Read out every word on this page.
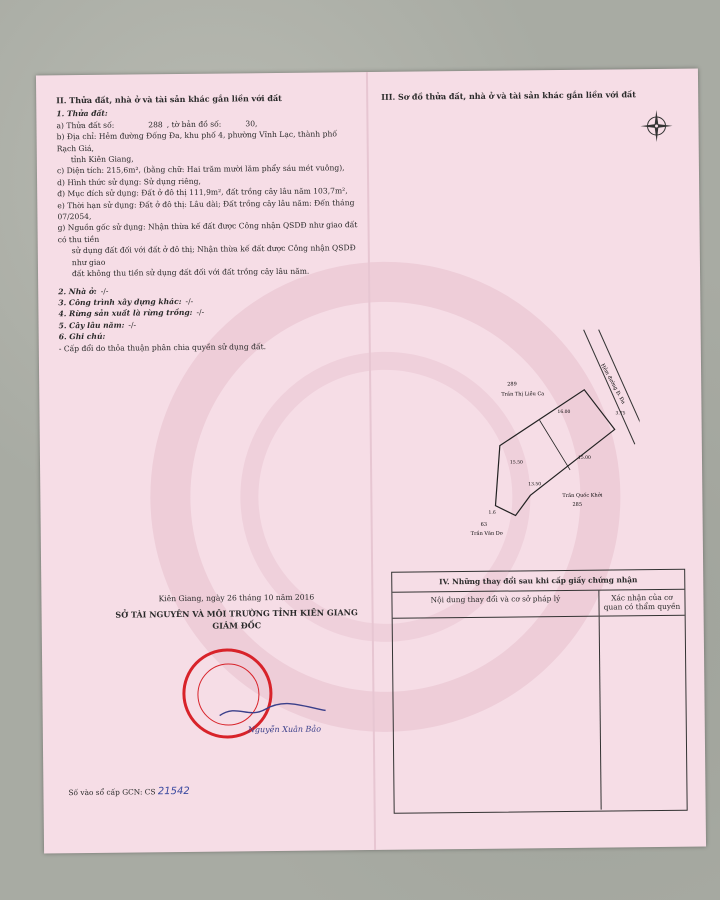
II. Thửa đất, nhà ở và tài sản khác gắn liền với đất
1. Thửa đất:
a) Thửa đất số:	288 , tờ bản đồ số:	30,
b) Địa chỉ: Hẻm đường Đống Đa, khu phố 4, phường Vĩnh Lạc, thành phố Rạch Giá,
tỉnh Kiên Giang,
c) Diện tích: 215,6m², (bằng chữ: Hai trăm mười lăm phẩy sáu mét vuông),
d) Hình thức sử dụng: Sử dụng riêng,
đ) Mục đích sử dụng: Đất ở đô thị 111,9m², đất trồng cây lâu năm 103,7m²,
e) Thời hạn sử dụng: Đất ở đô thị: Lâu dài; Đất trồng cây lâu năm: Đến tháng 07/2054,
g) Nguồn gốc sử dụng: Nhận thừa kế đất được Công nhận QSDĐ như giao đất có thu tiền
sử dụng đất đối với đất ở đô thị; Nhận thừa kế đất được Công nhận QSDĐ như giao
đất không thu tiền sử dụng đất đối với đất trồng cây lâu năm.
2. Nhà ở: -/-
3. Công trình xây dựng khác: -/-
4. Rừng sản xuất là rừng trồng: -/-
5. Cây lâu năm: -/-
6. Ghi chú:
- Cấp đổi do thỏa thuận phân chia quyền sử dụng đất.
III. Sơ đồ thửa đất, nhà ở và tài sản khác gắn liền với đất
Hẻm đường Đ. Đa
289
Trần Thị Liễu Ca
Trần Quốc Khởi
285
63
Trần Văn Do
16.00
15.00
15.50
13.50
3.75
1.6
IV. Những thay đổi sau khi cấp giấy chứng nhận
Nội dung thay đổi và cơ sở pháp lý	Xác nhận của cơ quan có thẩm quyền
Kiên Giang, ngày 26 tháng 10 năm 2016
SỞ TÀI NGUYÊN VÀ MÔI TRƯỜNG TỈNH KIÊN GIANG
GIÁM ĐỐC
Nguyễn Xuân Bảo
Số vào sổ cấp GCN: CS 21542
